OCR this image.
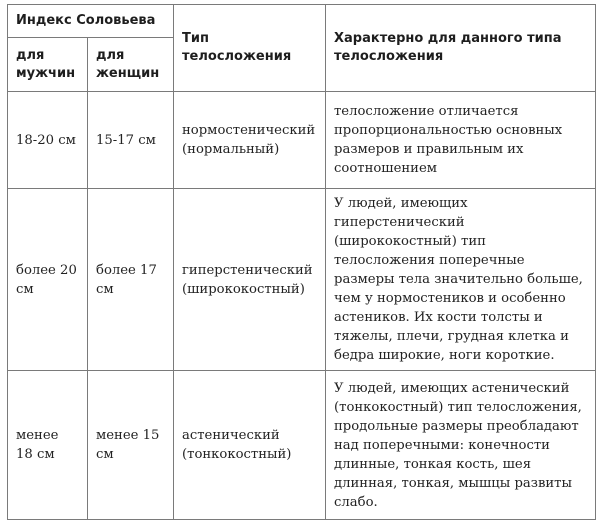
Индекс Соловьева		Тип телосложения	Характерно для данного типа телосложения
для мужчин	для женщин		
18-20 см	15-17 см	нормостенический (нормальный)	телосложение отличается пропорциональностью основных размеров и правильным их соотношением
более 20 см	более 17 см	гиперстенический (ширококостный)	У людей, имеющих гиперстенический (ширококостный) тип телосложения поперечные размеры тела значительно больше, чем у нормостеников и особенно астеников. Их кости толсты и тяжелы, плечи, грудная клетка и бедра широкие, ноги короткие.
менее 18 см	менее 15 см	астенический (тонкокостный)	У людей, имеющих астенический (тонкокостный) тип телосложения, продольные размеры преобладают над поперечными: конечности длинные, тонкая кость, шея длинная, тонкая, мышцы развиты слабо.
